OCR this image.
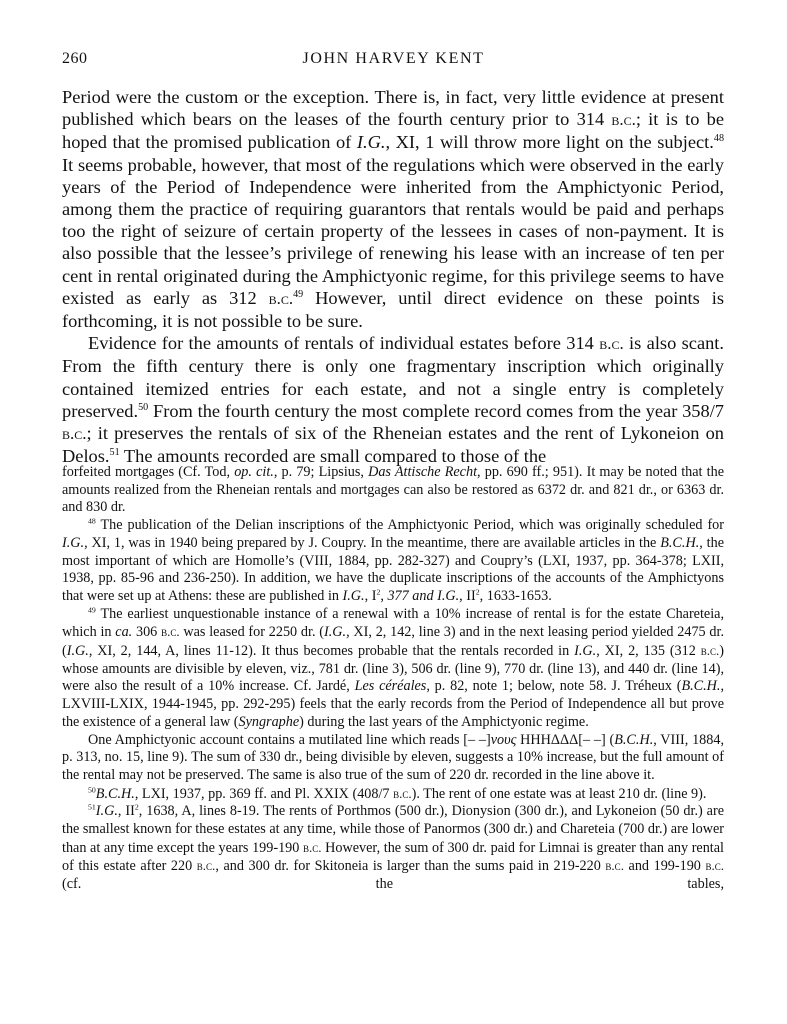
260	JOHN HARVEY KENT

Period were the custom or the exception. There is, in fact, very little evidence at present published which bears on the leases of the fourth century prior to 314 b.c.; it is to be hoped that the promised publication of I.G., XI, 1 will throw more light on the subject.$^{48}$ It seems probable, however, that most of the regulations which were observed in the early years of the Period of Independence were inherited from the Amphictyonic Period, among them the practice of requiring guarantors that rentals would be paid and perhaps too the right of seizure of certain property of the lessees in cases of non-payment. It is also possible that the lessee’s privilege of renewing his lease with an increase of ten per cent in rental originated during the Amphictyonic regime, for this privilege seems to have existed as early as 312 b.c.$^{49}$ However, until direct evidence on these points is forthcoming, it is not possible to be sure.

Evidence for the amounts of rentals of individual estates before 314 b.c. is also scant. From the fifth century there is only one fragmentary inscription which originally contained itemized entries for each estate, and not a single entry is completely preserved.$^{50}$ From the fourth century the most complete record comes from the year 358/7 b.c.; it preserves the rentals of six of the Rheneian estates and the rent of Lykoneion on Delos.$^{51}$ The amounts recorded are small compared to those of the

forfeited mortgages (Cf. Tod, op. cit., p. 79; Lipsius, Das Attische Recht, pp. 690 ff.; 951). It may be noted that the amounts realized from the Rheneian rentals and mortgages can also be restored as 6372 dr. and 821 dr., or 6363 dr. and 830 dr.

$^{48}$ The publication of the Delian inscriptions of the Amphictyonic Period, which was originally scheduled for I.G., XI, 1, was in 1940 being prepared by J. Coupry. In the meantime, there are available articles in the B.C.H., the most important of which are Homolle’s (VIII, 1884, pp. 282-327) and Coupry’s (LXI, 1937, pp. 364-378; LXII, 1938, pp. 85-96 and 236-250). In addition, we have the duplicate inscriptions of the accounts of the Amphictyons that were set up at Athens: these are published in I.G., $I^2$, 377 and I.G., $II^2$, 1633-1653.

$^{49}$ The earliest unquestionable instance of a renewal with a 10% increase of rental is for the estate Chareteia, which in ca. 306 b.c. was leased for 2250 dr. (I.G., XI, 2, 142, line 3) and in the next leasing period yielded 2475 dr. (I.G., XI, 2, 144, A, lines 11-12). It thus becomes probable that the rentals recorded in I.G., XI, 2, 135 (312 b.c.) whose amounts are divisible by eleven, viz., 781 dr. (line 3), 506 dr. (line 9), 770 dr. (line 13), and 440 dr. (line 14), were also the result of a 10% increase. Cf. Jardé, Les céréales, p. 82, note 1; below, note 58. J. Tréheux (B.C.H., LXVIII-LXIX, 1944-1945, pp. 292-295) feels that the early records from the Period of Independence all but prove the existence of a general law (Syngraphe) during the last years of the Amphictyonic regime.

One Amphictyonic account contains a mutilated line which reads [– –]νους ΗΗΗΔΔΔ[– –] (B.C.H., VIII, 1884, p. 313, no. 15, line 9). The sum of 330 dr., being divisible by eleven, suggests a 10% increase, but the full amount of the rental may not be preserved. The same is also true of the sum of 220 dr. recorded in the line above it.

$^{50}$B.C.H., LXI, 1937, pp. 369 ff. and Pl. XXIX (408/7 b.c.). The rent of one estate was at least 210 dr. (line 9).

$^{51}$I.G., $II^2$, 1638, A, lines 8-19. The rents of Porthmos (500 dr.), Dionysion (300 dr.), and Lykoneion (50 dr.) are the smallest known for these estates at any time, while those of Panormos (300 dr.) and Chareteia (700 dr.) are lower than at any time except the years 199-190 b.c. However, the sum of 300 dr. paid for Limnai is greater than any rental of this estate after 220 b.c., and 300 dr. for Skitoneia is larger than the sums paid in 219-220 b.c. and 199-190 b.c. (cf. the tables,
